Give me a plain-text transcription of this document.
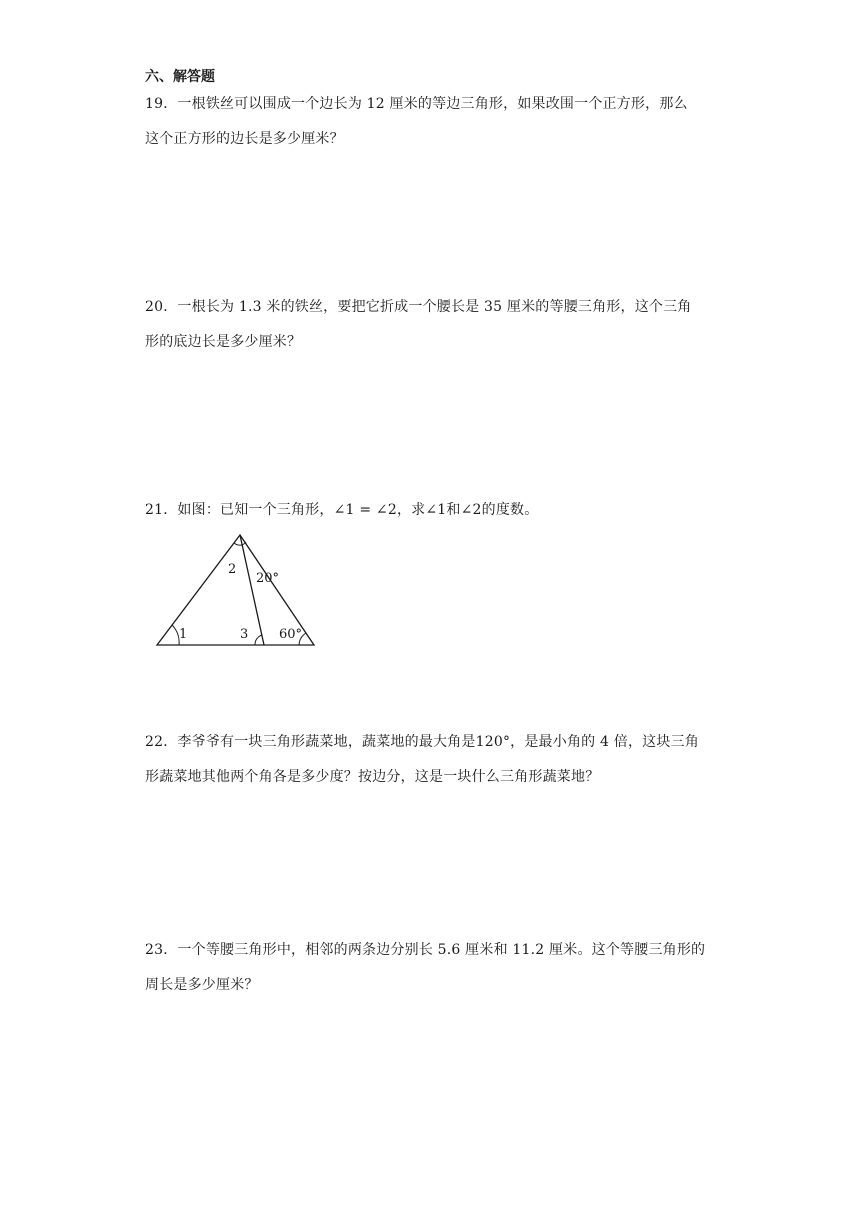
六、解答题
19．一根铁丝可以围成一个边长为 12 厘米的等边三角形，如果改围一个正方形，那么
这个正方形的边长是多少厘米？
20．一根长为 1.3 米的铁丝，要把它折成一个腰长是 35 厘米的等腰三角形，这个三角
形的底边长是多少厘米？
21．如图：已知一个三角形，∠1 = ∠2，求∠1和∠2的度数。
1
2
3
20°
60°
22．李爷爷有一块三角形蔬菜地，蔬菜地的最大角是120°，是最小角的 4 倍，这块三角
形蔬菜地其他两个角各是多少度？按边分，这是一块什么三角形蔬菜地？
23．一个等腰三角形中，相邻的两条边分别长 5.6 厘米和 11.2 厘米。这个等腰三角形的
周长是多少厘米？
